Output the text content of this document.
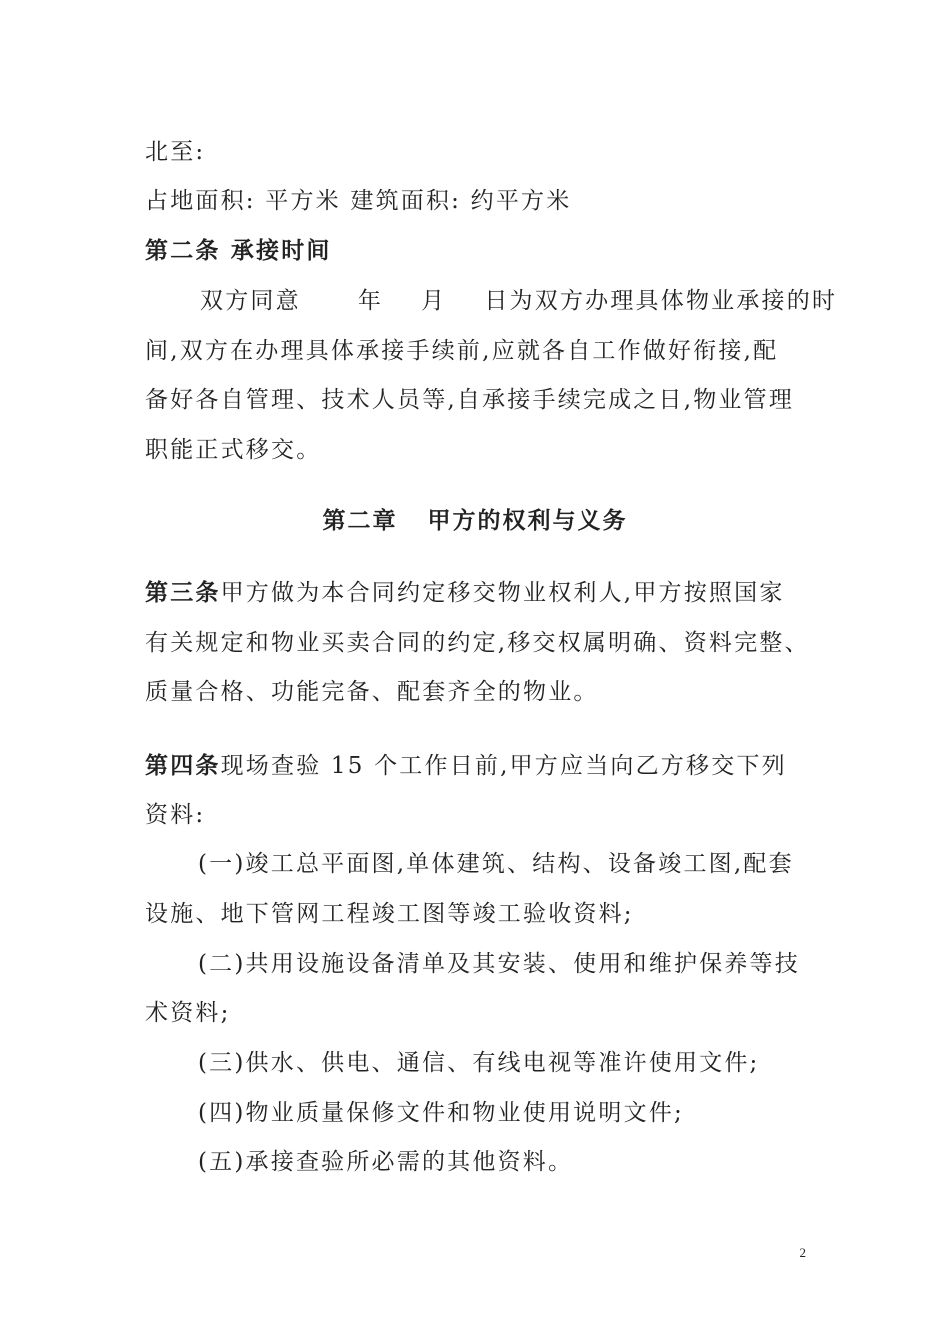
北至:
占地面积: 平方米 建筑面积: 约平方米
第二条 承接时间
双方同意      年    月    日为双方办理具体物业承接的时
间,双方在办理具体承接手续前,应就各自工作做好衔接,配
备好各自管理、技术人员等,自承接手续完成之日,物业管理
职能正式移交。
第二章 甲方的权利与义务
第三条甲方做为本合同约定移交物业权利人,甲方按照国家
有关规定和物业买卖合同的约定,移交权属明确、资料完整、
质量合格、功能完备、配套齐全的物业。
第四条现场查验 15 个工作日前,甲方应当向乙方移交下列
资料:
(一)竣工总平面图,单体建筑、结构、设备竣工图,配套
设施、地下管网工程竣工图等竣工验收资料;
(二)共用设施设备清单及其安装、使用和维护保养等技
术资料;
(三)供水、供电、通信、有线电视等准许使用文件;
(四)物业质量保修文件和物业使用说明文件;
(五)承接查验所必需的其他资料。
2
